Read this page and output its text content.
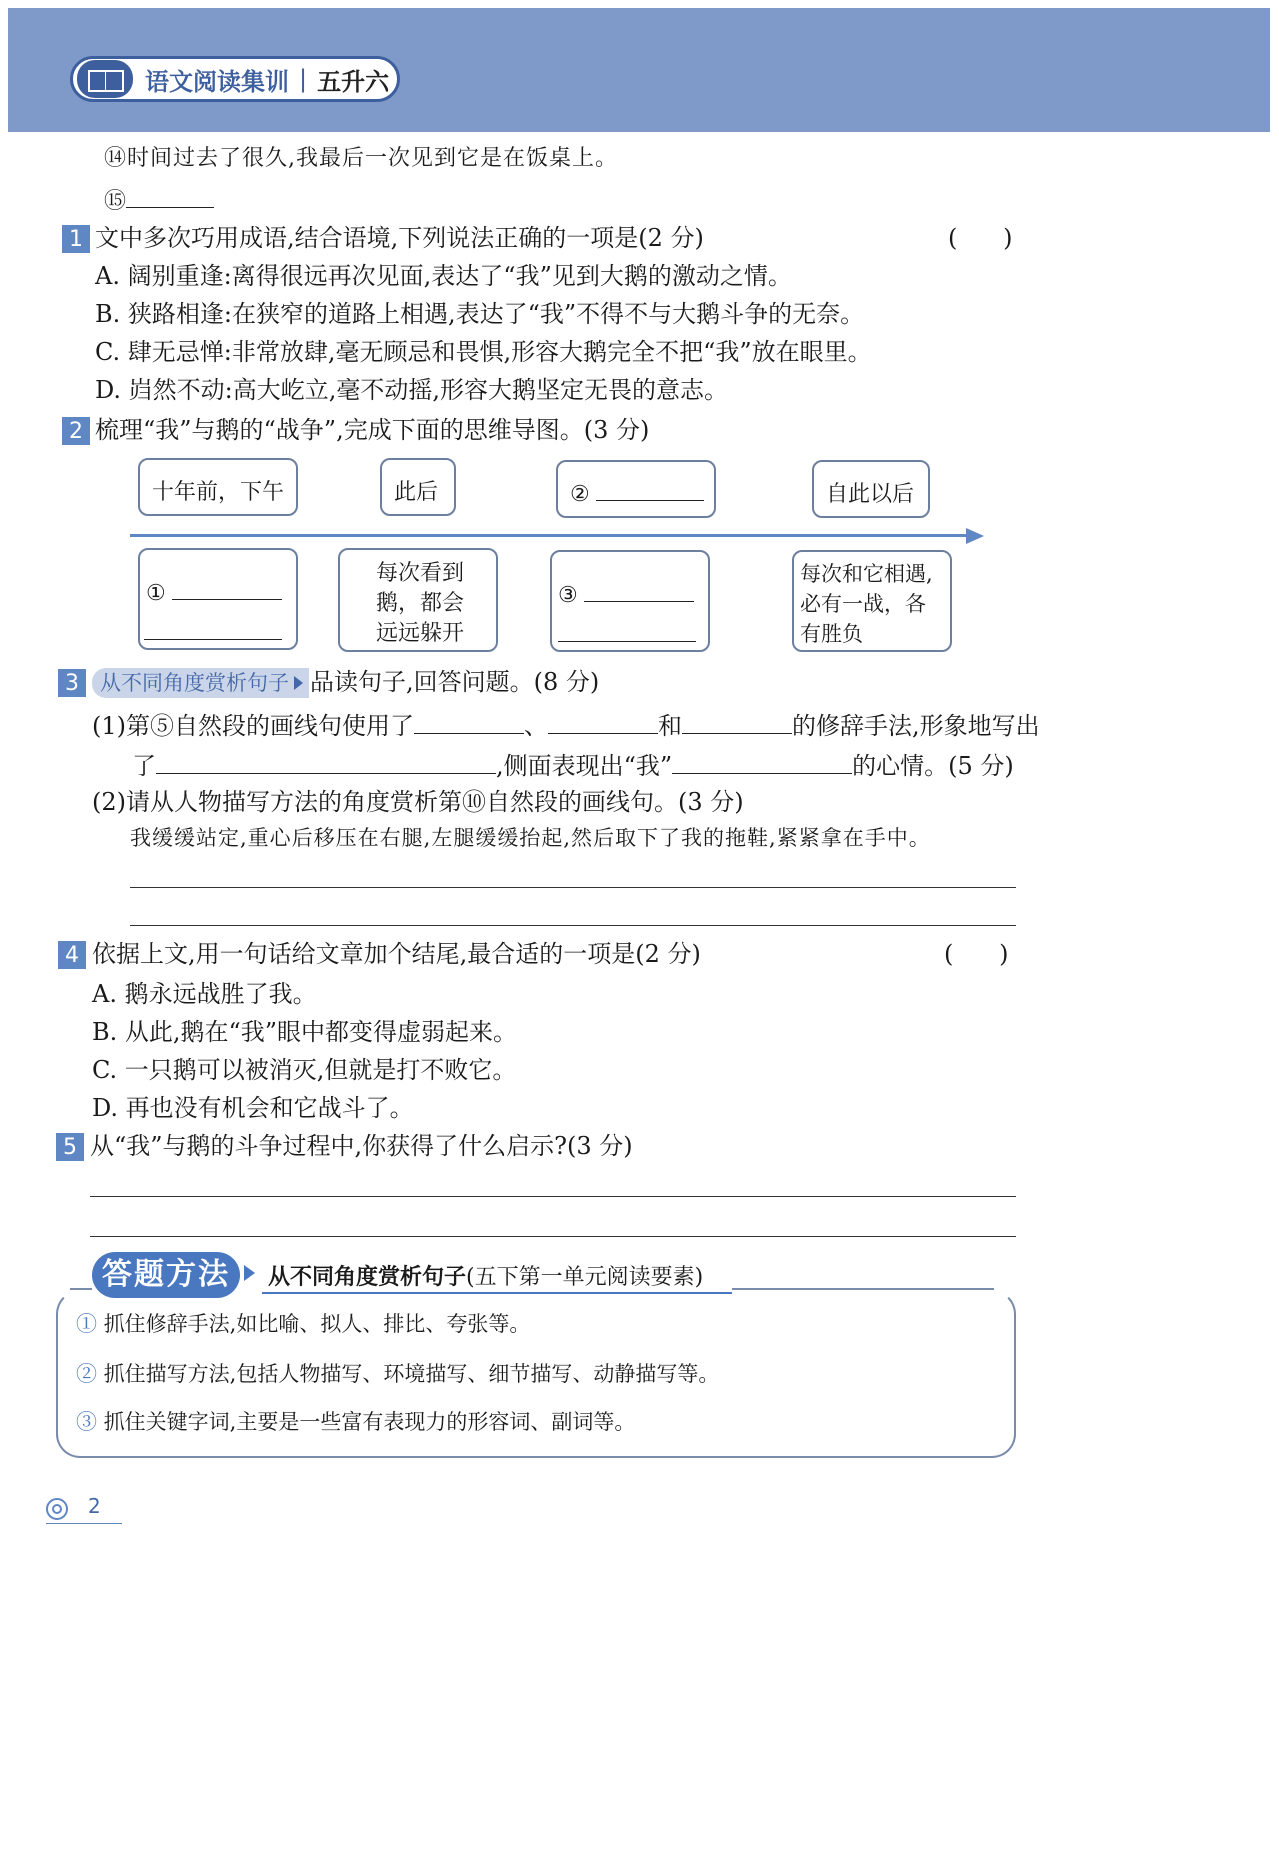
语文阅读集训 | 五升六
⑭时间过去了很久,我最后一次见到它是在饭桌上。
⑮
1 文中多次巧用成语,结合语境,下列说法正确的一项是(2 分)	(      )
A. 阔别重逢:离得很远再次见面,表达了“我”见到大鹅的激动之情。
B. 狭路相逢:在狭窄的道路上相遇,表达了“我”不得不与大鹅斗争的无奈。
C. 肆无忌惮:非常放肆,毫无顾忌和畏惧,形容大鹅完全不把“我”放在眼里。
D. 岿然不动:高大屹立,毫不动摇,形容大鹅坚定无畏的意志。
2 梳理“我”与鹅的“战争”,完成下面的思维导图。(3 分)
十年前，下午	此后	②	自此以后
①
每次看到
鹅，都会
远远躲开
③
每次和它相遇,
必有一战，各
有胜负
3	从不同角度赏析句子 品读句子,回答问题。(8 分)
(1)第⑤自然段的画线句使用了	、	和	的修辞手法,形象地写出
了	,侧面表现出“我”	的心情。(5 分)
(2)请从人物描写方法的角度赏析第⑩自然段的画线句。(3 分)
我缓缓站定,重心后移压在右腿,左腿缓缓抬起,然后取下了我的拖鞋,紧紧拿在手中。
4 依据上文,用一句话给文章加个结尾,最合适的一项是(2 分)	(      )
A. 鹅永远战胜了我。
B. 从此,鹅在“我”眼中都变得虚弱起来。
C. 一只鹅可以被消灭,但就是打不败它。
D. 再也没有机会和它战斗了。
5 从“我”与鹅的斗争过程中,你获得了什么启示?(3 分)
答题方法	从不同角度赏析句子(五下第一单元阅读要素)
① 抓住修辞手法,如比喻、拟人、排比、夸张等。
② 抓住描写方法,包括人物描写、环境描写、细节描写、动静描写等。
③ 抓住关键字词,主要是一些富有表现力的形容词、副词等。
2
